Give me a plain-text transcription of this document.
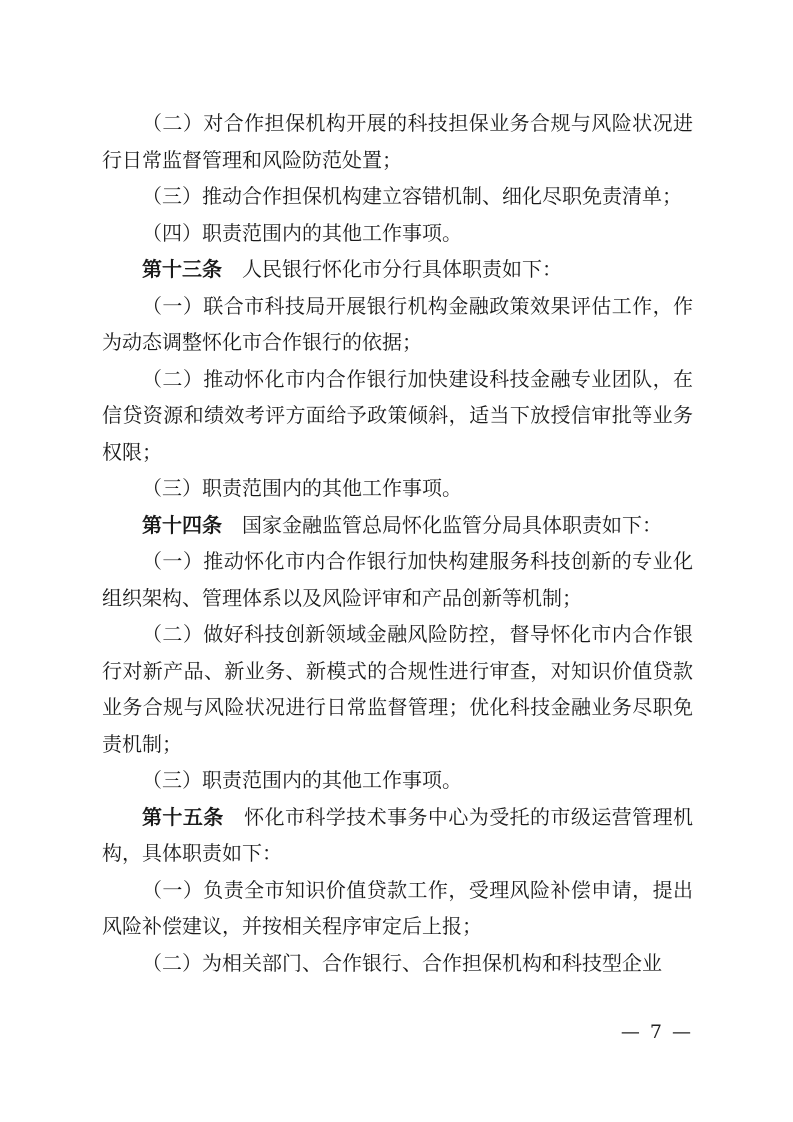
（二）对合作担保机构开展的科技担保业务合规与风险状况进行日常监督管理和风险防范处置；

（三）推动合作担保机构建立容错机制、细化尽职免责清单；

（四）职责范围内的其他工作事项。

第十三条　人民银行怀化市分行具体职责如下：

（一）联合市科技局开展银行机构金融政策效果评估工作，作为动态调整怀化市合作银行的依据；

（二）推动怀化市内合作银行加快建设科技金融专业团队，在信贷资源和绩效考评方面给予政策倾斜，适当下放授信审批等业务权限；

（三）职责范围内的其他工作事项。

第十四条　国家金融监管总局怀化监管分局具体职责如下：

（一）推动怀化市内合作银行加快构建服务科技创新的专业化组织架构、管理体系以及风险评审和产品创新等机制；

（二）做好科技创新领域金融风险防控，督导怀化市内合作银行对新产品、新业务、新模式的合规性进行审查，对知识价值贷款业务合规与风险状况进行日常监督管理；优化科技金融业务尽职免责机制；

（三）职责范围内的其他工作事项。

第十五条　怀化市科学技术事务中心为受托的市级运营管理机构，具体职责如下：

（一）负责全市知识价值贷款工作，受理风险补偿申请，提出风险补偿建议，并按相关程序审定后上报；

（二）为相关部门、合作银行、合作担保机构和科技型企业

— 7 —
